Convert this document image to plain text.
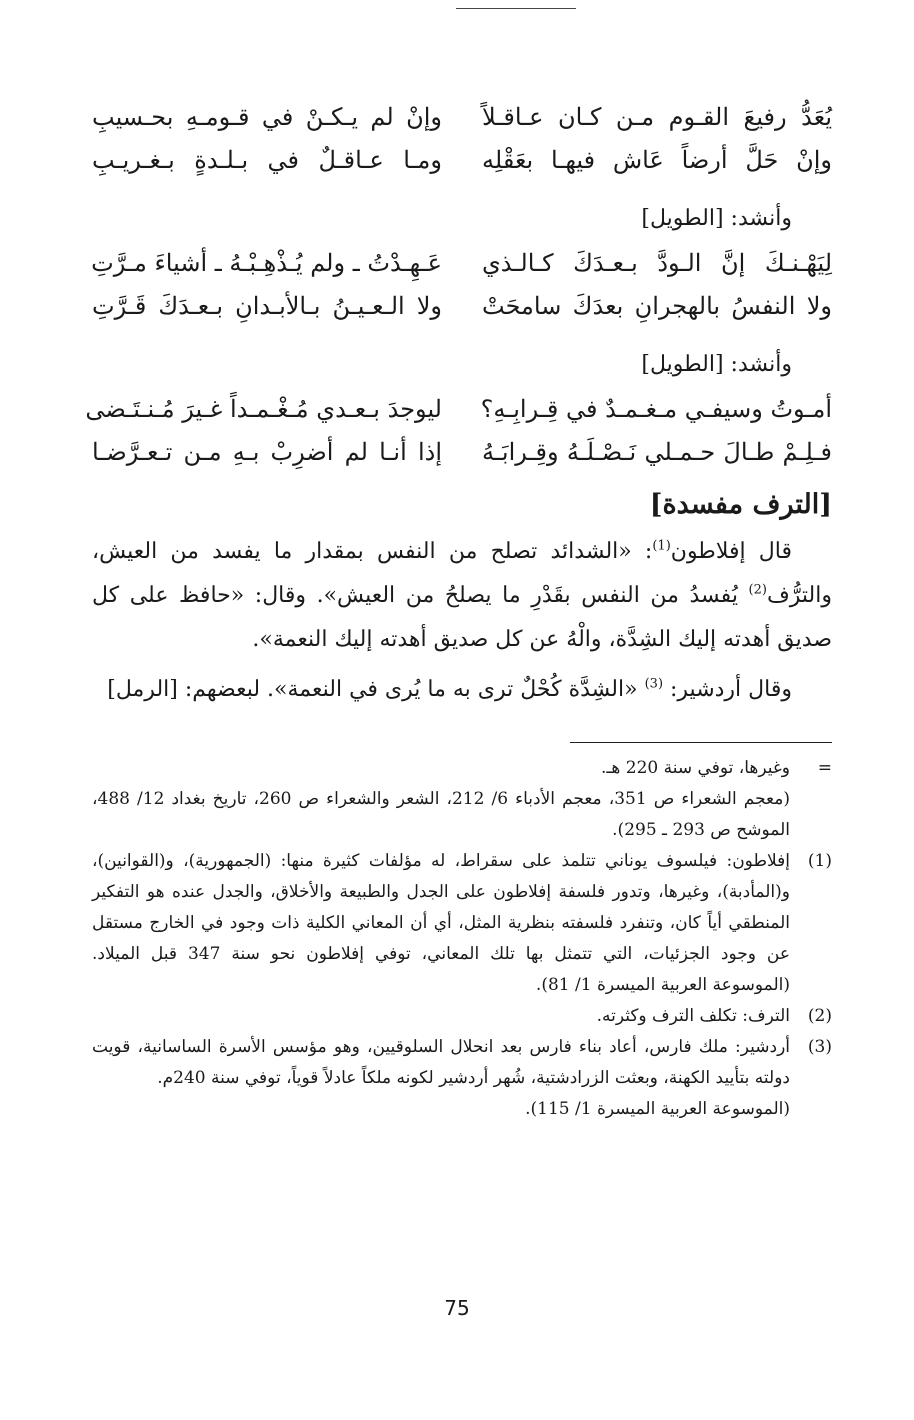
يُعَدُّ رفيعَ القـوم مـن كـان عـاقـلاً
وإنْ لم يـكـنْ في قـومـهِ بحـسيبِ
وإنْ حَلَّ أرضاً عَاش فيهـا بعَقْلِه
ومـا عـاقـلٌ في بـلـدةٍ بـغـريـبِ
وأنشد: [الطويل]
لِيَهْـنـكَ إنَّ الـودَّ بـعـدَكَ كـالـذي
عَـهِـدْتُ ـ ولم يُـذْهِـبْـهُ ـ أشياءَ مـرَّتِ
ولا النفسُ بالهجرانِ بعدَكَ سامحَتْ
ولا الـعـيـنُ بـالأبـدانِ بـعـدَكَ قَـرَّتِ
وأنشد: [الطويل]
أمـوتُ وسيفـي مـغـمـدٌ في قِـرابِـهِ؟
ليوجدَ بـعـدي مُـغْـمـداً غـيرَ مُـنـتَـضى
فـلِـمْ طـالَ حـمـلي نَـصْـلَـهُ وقِـرابَـهُ
إذا أنـا لم أضرِبْ بـهِ مـن تـعـرَّضـا
[الترف مفسدة]

قال إفلاطون$^{(1)}$: «الشدائد تصلح من النفس بمقدار ما يفسد من العيش، والترُّف$^{(2)}$ يُفسدُ من النفس بقَدْرِ ما يصلحُ من العيش». وقال: «حافظ على كل صديق أهدته إليك الشِدَّة، والْهُ عن كل صديق أهدته إليك النعمة».

وقال أردشير: $^{(3)}$ «الشِدَّة كُحْلٌ ترى به ما يُرى في النعمة». لبعضهم: [الرمل]

=
وغيرها، توفي سنة 220 هـ.
(معجم الشعراء ص 351، معجم الأدباء 6/ 212، الشعر والشعراء ص 260، تاريخ بغداد 12/ 488، الموشح ص 293 ـ 295).
(1)
إفلاطون: فيلسوف يوناني تتلمذ على سقراط، له مؤلفات كثيرة منها: (الجمهورية)، و(القوانين)، و(المأدبة)، وغيرها، وتدور فلسفة إفلاطون على الجدل والطبيعة والأخلاق، والجدل عنده هو التفكير المنطقي أياً كان، وتنفرد فلسفته بنظرية المثل، أي أن المعاني الكلية ذات وجود في الخارج مستقل عن وجود الجزئيات، التي تتمثل بها تلك المعاني، توفي إفلاطون نحو سنة 347 قبل الميلاد. (الموسوعة العربية الميسرة 1/ 81).
(2)
الترف: تكلف الترف وكثرته.
(3)
أردشير: ملك فارس، أعاد بناء فارس بعد انحلال السلوقيين، وهو مؤسس الأسرة الساسانية، قويت دولته بتأييد الكهنة، وبعثت الزرادشتية، شُهر أردشير لكونه ملكاً عادلاً قوياً، توفي سنة 240م.
(الموسوعة العربية الميسرة 1/ 115).
75
